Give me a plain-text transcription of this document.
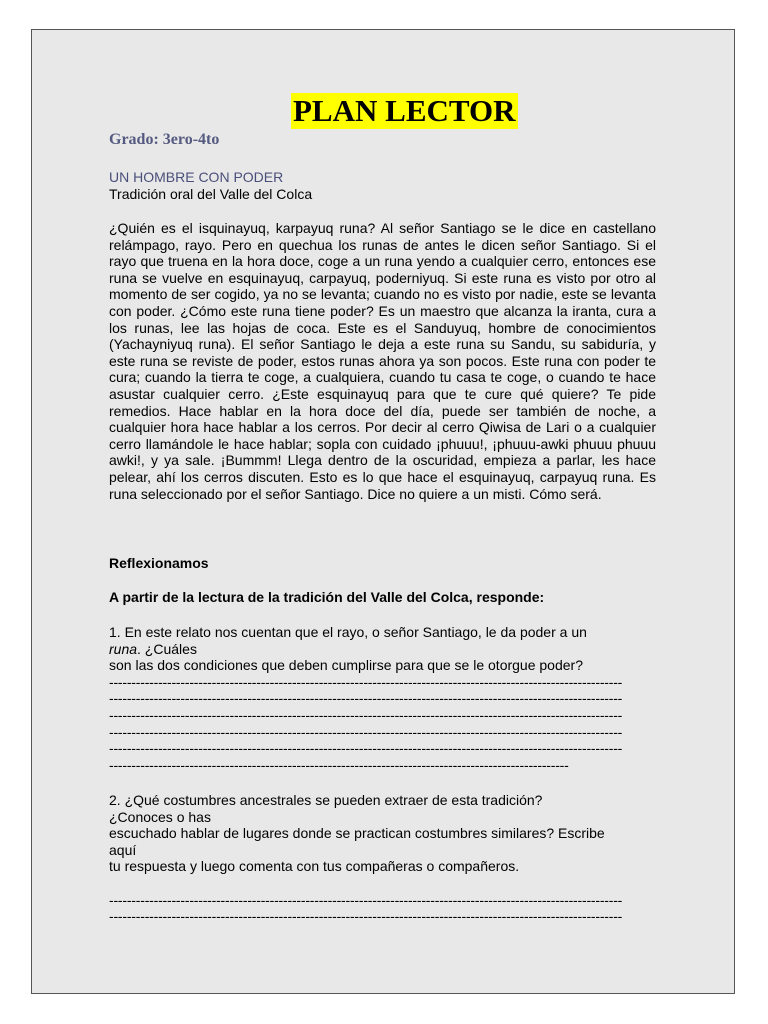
PLAN LECTOR
Grado: 3ero-4to
UN HOMBRE CON PODER
Tradición oral del Valle del Colca
¿Quién es el isquinayuq, karpayuq runa? Al señor Santiago se le dice en castellano relámpago, rayo. Pero en quechua los runas de antes le dicen señor Santiago. Si el rayo que truena en la hora doce, coge a un runa yendo a cualquier cerro, entonces ese runa se vuelve en esquinayuq, carpayuq, poderniyuq. Si este runa es visto por otro al momento de ser cogido, ya no se levanta; cuando no es visto por nadie, este se levanta con poder. ¿Cómo este runa tiene poder? Es un maestro que alcanza la iranta, cura a los runas, lee las hojas de coca. Este es el Sanduyuq, hombre de conocimientos (Yachayniyuq runa). El señor Santiago le deja a este runa su Sandu, su sabiduría, y este runa se reviste de poder, estos runas ahora ya son pocos. Este runa con poder te cura; cuando la tierra te coge, a cualquiera, cuando tu casa te coge, o cuando te hace asustar cualquier cerro. ¿Este esquinayuq para que te cure qué quiere? Te pide remedios. Hace hablar en la hora doce del día, puede ser también de noche, a cualquier hora hace hablar a los cerros. Por decir al cerro Qiwisa de Lari o a cualquier cerro llamándole le hace hablar; sopla con cuidado ¡phuuu!, ¡phuuu-awki phuuu phuuu awki!, y ya sale. ¡Bummm! Llega dentro de la oscuridad, empieza a parlar, les hace pelear, ahí los cerros discuten. Esto es lo que hace el esquinayuq, carpayuq runa. Es runa seleccionado por el señor Santiago. Dice no quiere a un misti. Cómo será.
Reflexionamos
A partir de la lectura de la tradición del Valle del Colca, responde:
1. En este relato nos cuentan que el rayo, o señor Santiago, le da poder a un
runa. ¿Cuáles
son las dos condiciones que deben cumplirse para que se le otorgue poder?
-------------------------------------------------------------------------------------------------------------------
-------------------------------------------------------------------------------------------------------------------
-------------------------------------------------------------------------------------------------------------------
-------------------------------------------------------------------------------------------------------------------
-------------------------------------------------------------------------------------------------------------------
-------------------------------------------------------------------------------------------------------
2. ¿Qué costumbres ancestrales se pueden extraer de esta tradición?
¿Conoces o has
escuchado hablar de lugares donde se practican costumbres similares? Escribe
aquí
tu respuesta y luego comenta con tus compañeras o compañeros.
-------------------------------------------------------------------------------------------------------------------
-------------------------------------------------------------------------------------------------------------------
